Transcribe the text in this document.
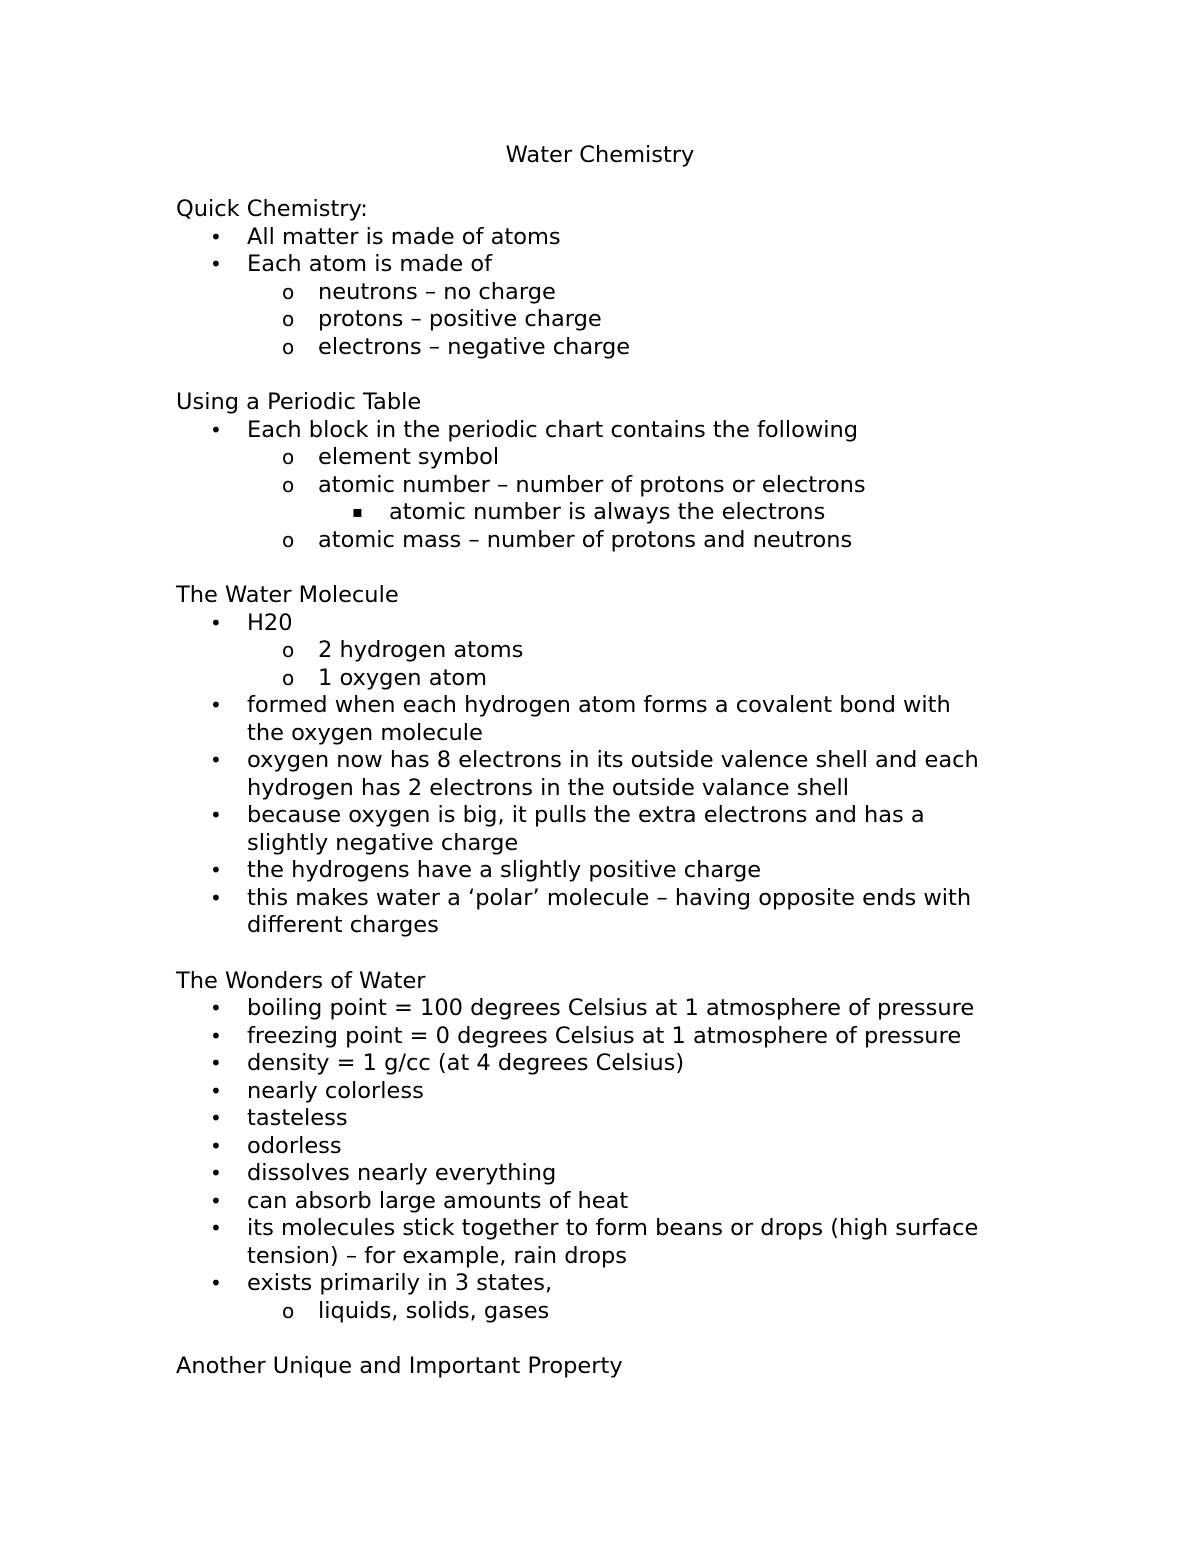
Water Chemistry
Quick Chemistry:
• All matter is made of atoms
• Each atom is made of
o neutrons – no charge
o protons – positive charge
o electrons – negative charge
Using a Periodic Table
• Each block in the periodic chart contains the following
o element symbol
o atomic number – number of protons or electrons
▪ atomic number is always the electrons
o atomic mass – number of protons and neutrons
The Water Molecule
• H20
o 2 hydrogen atoms
o 1 oxygen atom
• formed when each hydrogen atom forms a covalent bond with
the oxygen molecule
• oxygen now has 8 electrons in its outside valence shell and each
hydrogen has 2 electrons in the outside valance shell
• because oxygen is big, it pulls the extra electrons and has a
slightly negative charge
• the hydrogens have a slightly positive charge
• this makes water a ‘polar’ molecule – having opposite ends with
different charges
The Wonders of Water
• boiling point = 100 degrees Celsius at 1 atmosphere of pressure
• freezing point = 0 degrees Celsius at 1 atmosphere of pressure
• density = 1 g/cc (at 4 degrees Celsius)
• nearly colorless
• tasteless
• odorless
• dissolves nearly everything
• can absorb large amounts of heat
• its molecules stick together to form beans or drops (high surface
tension) – for example, rain drops
• exists primarily in 3 states,
o liquids, solids, gases
Another Unique and Important Property
